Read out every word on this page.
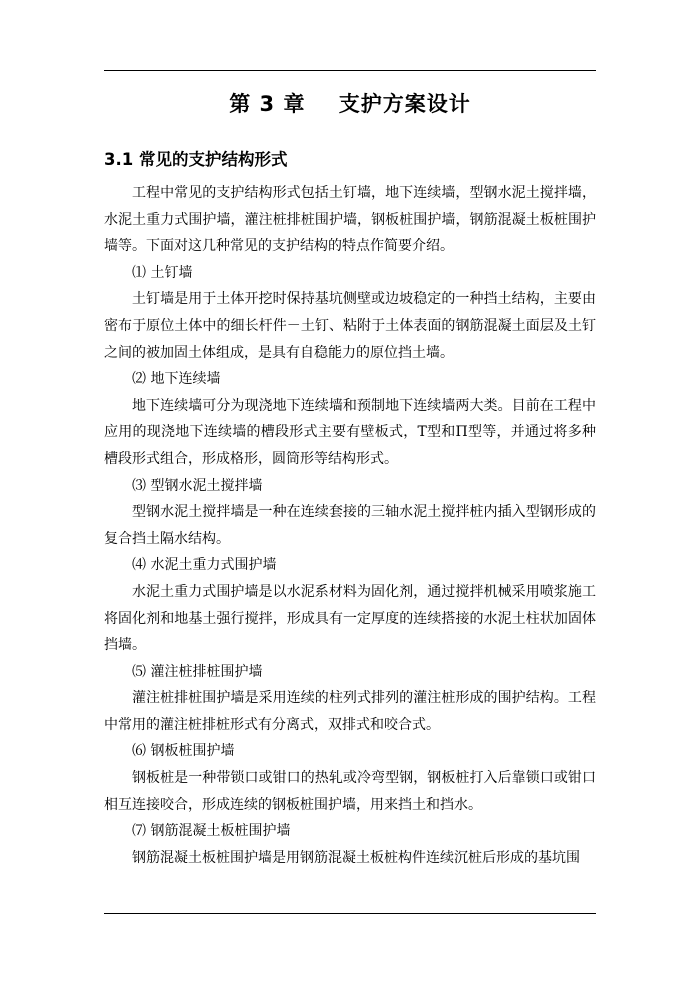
第 3 章    支护方案设计
3.1 常见的支护结构形式

工程中常见的支护结构形式包括土钉墙，地下连续墙，型钢水泥土搅拌墙，水泥土重力式围护墙，灌注桩排桩围护墙，钢板桩围护墙，钢筋混凝土板桩围护墙等。下面对这几种常见的支护结构的特点作简要介绍。

⑴ 土钉墙

土钉墙是用于土体开挖时保持基坑侧壁或边坡稳定的一种挡土结构，主要由密布于原位土体中的细长杆件－土钉、粘附于土体表面的钢筋混凝土面层及土钉之间的被加固土体组成，是具有自稳能力的原位挡土墙。

⑵ 地下连续墙

地下连续墙可分为现浇地下连续墙和预制地下连续墙两大类。目前在工程中应用的现浇地下连续墙的槽段形式主要有壁板式，T型和Π型等，并通过将多种槽段形式组合，形成格形，圆筒形等结构形式。

⑶ 型钢水泥土搅拌墙

型钢水泥土搅拌墙是一种在连续套接的三轴水泥土搅拌桩内插入型钢形成的复合挡土隔水结构。

⑷ 水泥土重力式围护墙

水泥土重力式围护墙是以水泥系材料为固化剂，通过搅拌机械采用喷浆施工将固化剂和地基土强行搅拌，形成具有一定厚度的连续搭接的水泥土柱状加固体挡墙。

⑸ 灌注桩排桩围护墙

灌注桩排桩围护墙是采用连续的柱列式排列的灌注桩形成的围护结构。工程中常用的灌注桩排桩形式有分离式，双排式和咬合式。

⑹ 钢板桩围护墙

钢板桩是一种带锁口或钳口的热轧或冷弯型钢，钢板桩打入后靠锁口或钳口相互连接咬合，形成连续的钢板桩围护墙，用来挡土和挡水。

⑺ 钢筋混凝土板桩围护墙

钢筋混凝土板桩围护墙是用钢筋混凝土板桩构件连续沉桩后形成的基坑围
